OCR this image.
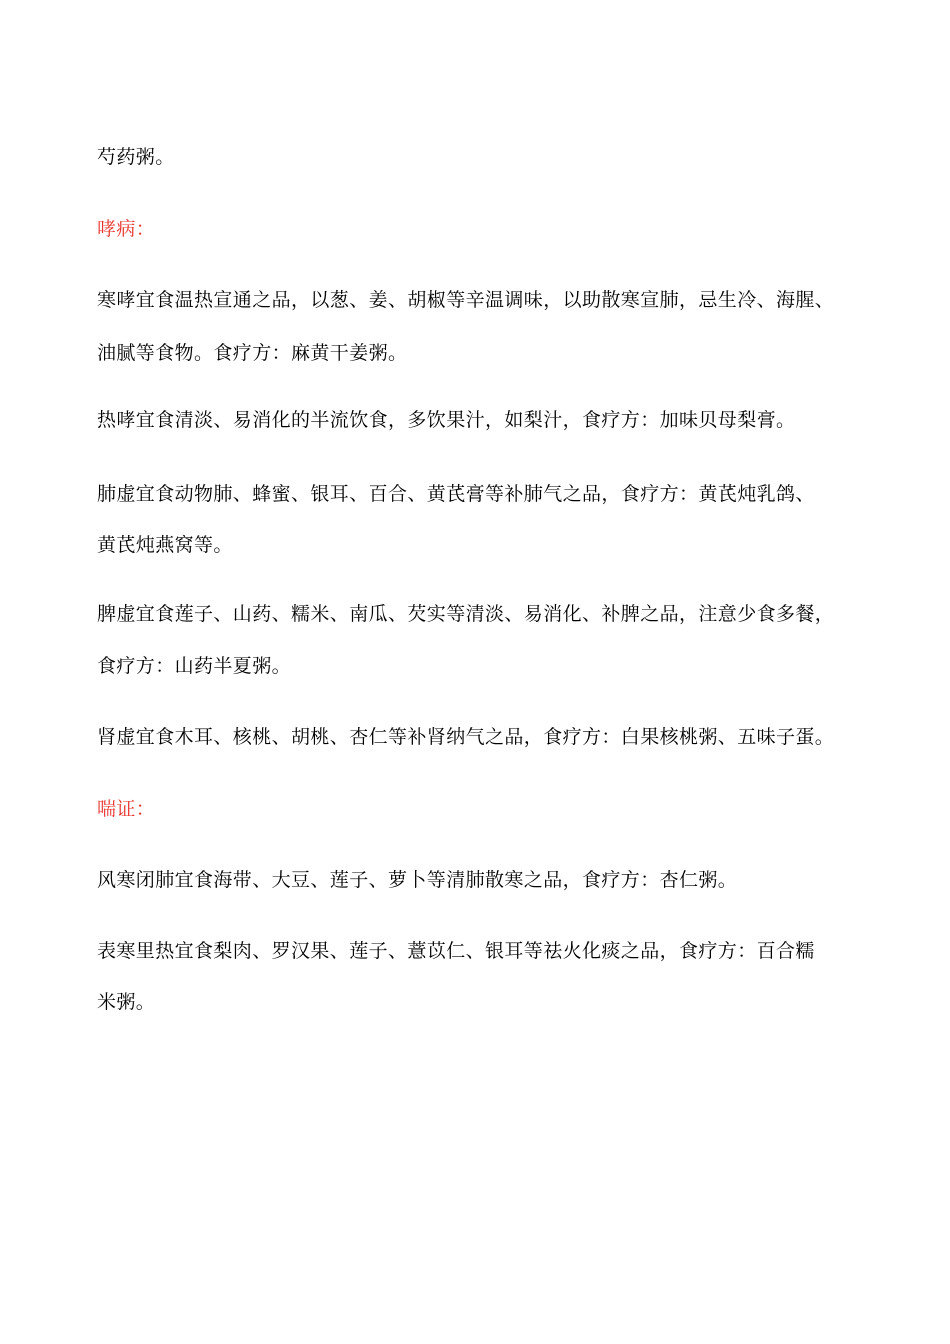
芍药粥。
哮病：
寒哮宜食温热宣通之品，以葱、姜、胡椒等辛温调味，以助散寒宣肺，忌生冷、海腥、
油腻等食物。食疗方：麻黄干姜粥。
热哮宜食清淡、易消化的半流饮食，多饮果汁，如梨汁，食疗方：加味贝母梨膏。
肺虚宜食动物肺、蜂蜜、银耳、百合、黄芪膏等补肺气之品，食疗方：黄芪炖乳鸽、
黄芪炖燕窝等。
脾虚宜食莲子、山药、糯米、南瓜、芡实等清淡、易消化、补脾之品，注意少食多餐，
食疗方：山药半夏粥。
肾虚宜食木耳、核桃、胡桃、杏仁等补肾纳气之品，食疗方：白果核桃粥、五味子蛋。
喘证：
风寒闭肺宜食海带、大豆、莲子、萝卜等清肺散寒之品，食疗方：杏仁粥。
表寒里热宜食梨肉、罗汉果、莲子、薏苡仁、银耳等祛火化痰之品，食疗方：百合糯
米粥。
